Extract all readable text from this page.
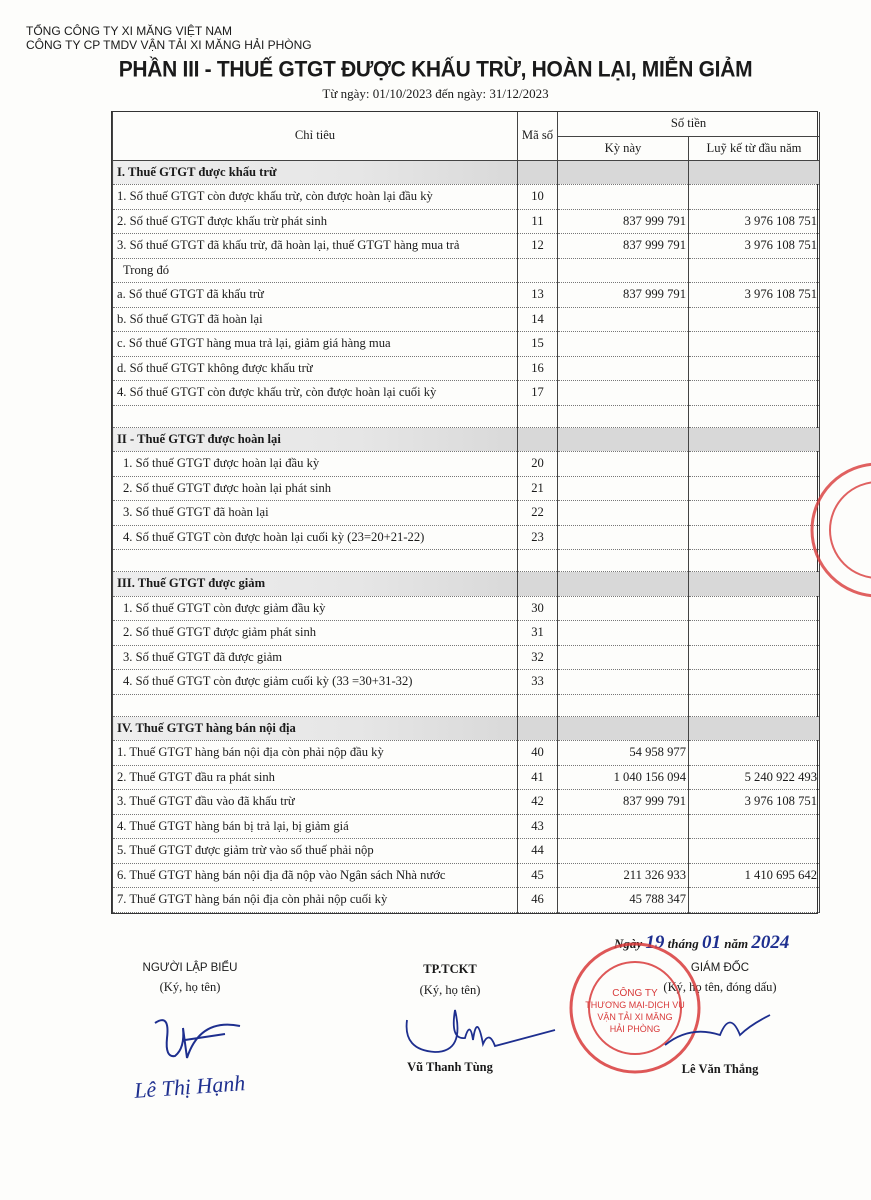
TỔNG CÔNG TY XI MĂNG VIỆT NAM
CÔNG TY CP TMDV VẬN TẢI XI MĂNG HẢI PHÒNG
PHẦN III - THUẾ GTGT ĐƯỢC KHẤU TRỪ, HOÀN LẠI, MIỄN GIẢM
Từ ngày: 01/10/2023 đến ngày: 31/12/2023
Chỉ tiêu	Mã số	Số tiền	
		Kỳ này	Luỹ kế từ đầu năm
I. Thuế GTGT được khấu trừ			
1. Số thuế GTGT còn được khấu trừ, còn được hoàn lại đầu kỳ	10		
2. Số thuế GTGT được khấu trừ phát sinh	11	837 999 791	3 976 108 751
3. Số thuế GTGT đã khấu trừ, đã hoàn lại, thuế GTGT hàng mua trả	12	837 999 791	3 976 108 751
Trong đó			
a. Số thuế GTGT đã khấu trừ	13	837 999 791	3 976 108 751
b. Số thuế GTGT đã hoàn lại	14		
c. Số thuế GTGT hàng mua trả lại, giảm giá hàng mua	15		
d. Số thuế GTGT không được khấu trừ	16		
4. Số thuế GTGT còn được khấu trừ, còn được hoàn lại cuối kỳ	17		

II - Thuế GTGT được hoàn lại			
1. Số thuế GTGT được hoàn lại đầu kỳ	20		
2. Số thuế GTGT được hoàn lại phát sinh	21		
3. Số thuế GTGT đã hoàn lại	22		
4. Số thuế GTGT còn được hoàn lại cuối kỳ (23=20+21-22)	23		

III. Thuế GTGT được giảm			
1. Số thuế GTGT còn được giảm đầu kỳ	30		
2. Số thuế GTGT được giảm phát sinh	31		
3. Số thuế GTGT đã được giảm	32		
4. Số thuế GTGT còn được giảm cuối kỳ (33 =30+31-32)	33		

IV. Thuế GTGT hàng bán nội địa			
1. Thuế GTGT hàng bán nội địa còn phải nộp đầu kỳ	40	54 958 977	
2. Thuế GTGT đầu ra phát sinh	41	1 040 156 094	5 240 922 493
3. Thuế GTGT đầu vào đã khấu trừ	42	837 999 791	3 976 108 751
4. Thuế GTGT hàng bán bị trả lại, bị giảm giá	43		
5. Thuế GTGT được giảm trừ vào số thuế phải nộp	44		
6. Thuế GTGT hàng bán nội địa đã nộp vào Ngân sách Nhà nước	45	211 326 933	1 410 695 642
7. Thuế GTGT hàng bán nội địa còn phải nộp cuối kỳ	46	45 788 347	
Ngày 19 tháng 01 năm 2024
NGƯỜI LẬP BIỂU
(Ký, họ tên)
Lê Thị Hạnh
TP.TCKT
(Ký, họ tên)
Vũ Thanh Tùng
GIÁM ĐỐC
(Ký, họ tên, đóng dấu)
CÔNG TY
THƯƠNG MẠI-DỊCH VỤ
VẬN TẢI XI MĂNG
HẢI PHÒNG
Lê Văn Thắng
